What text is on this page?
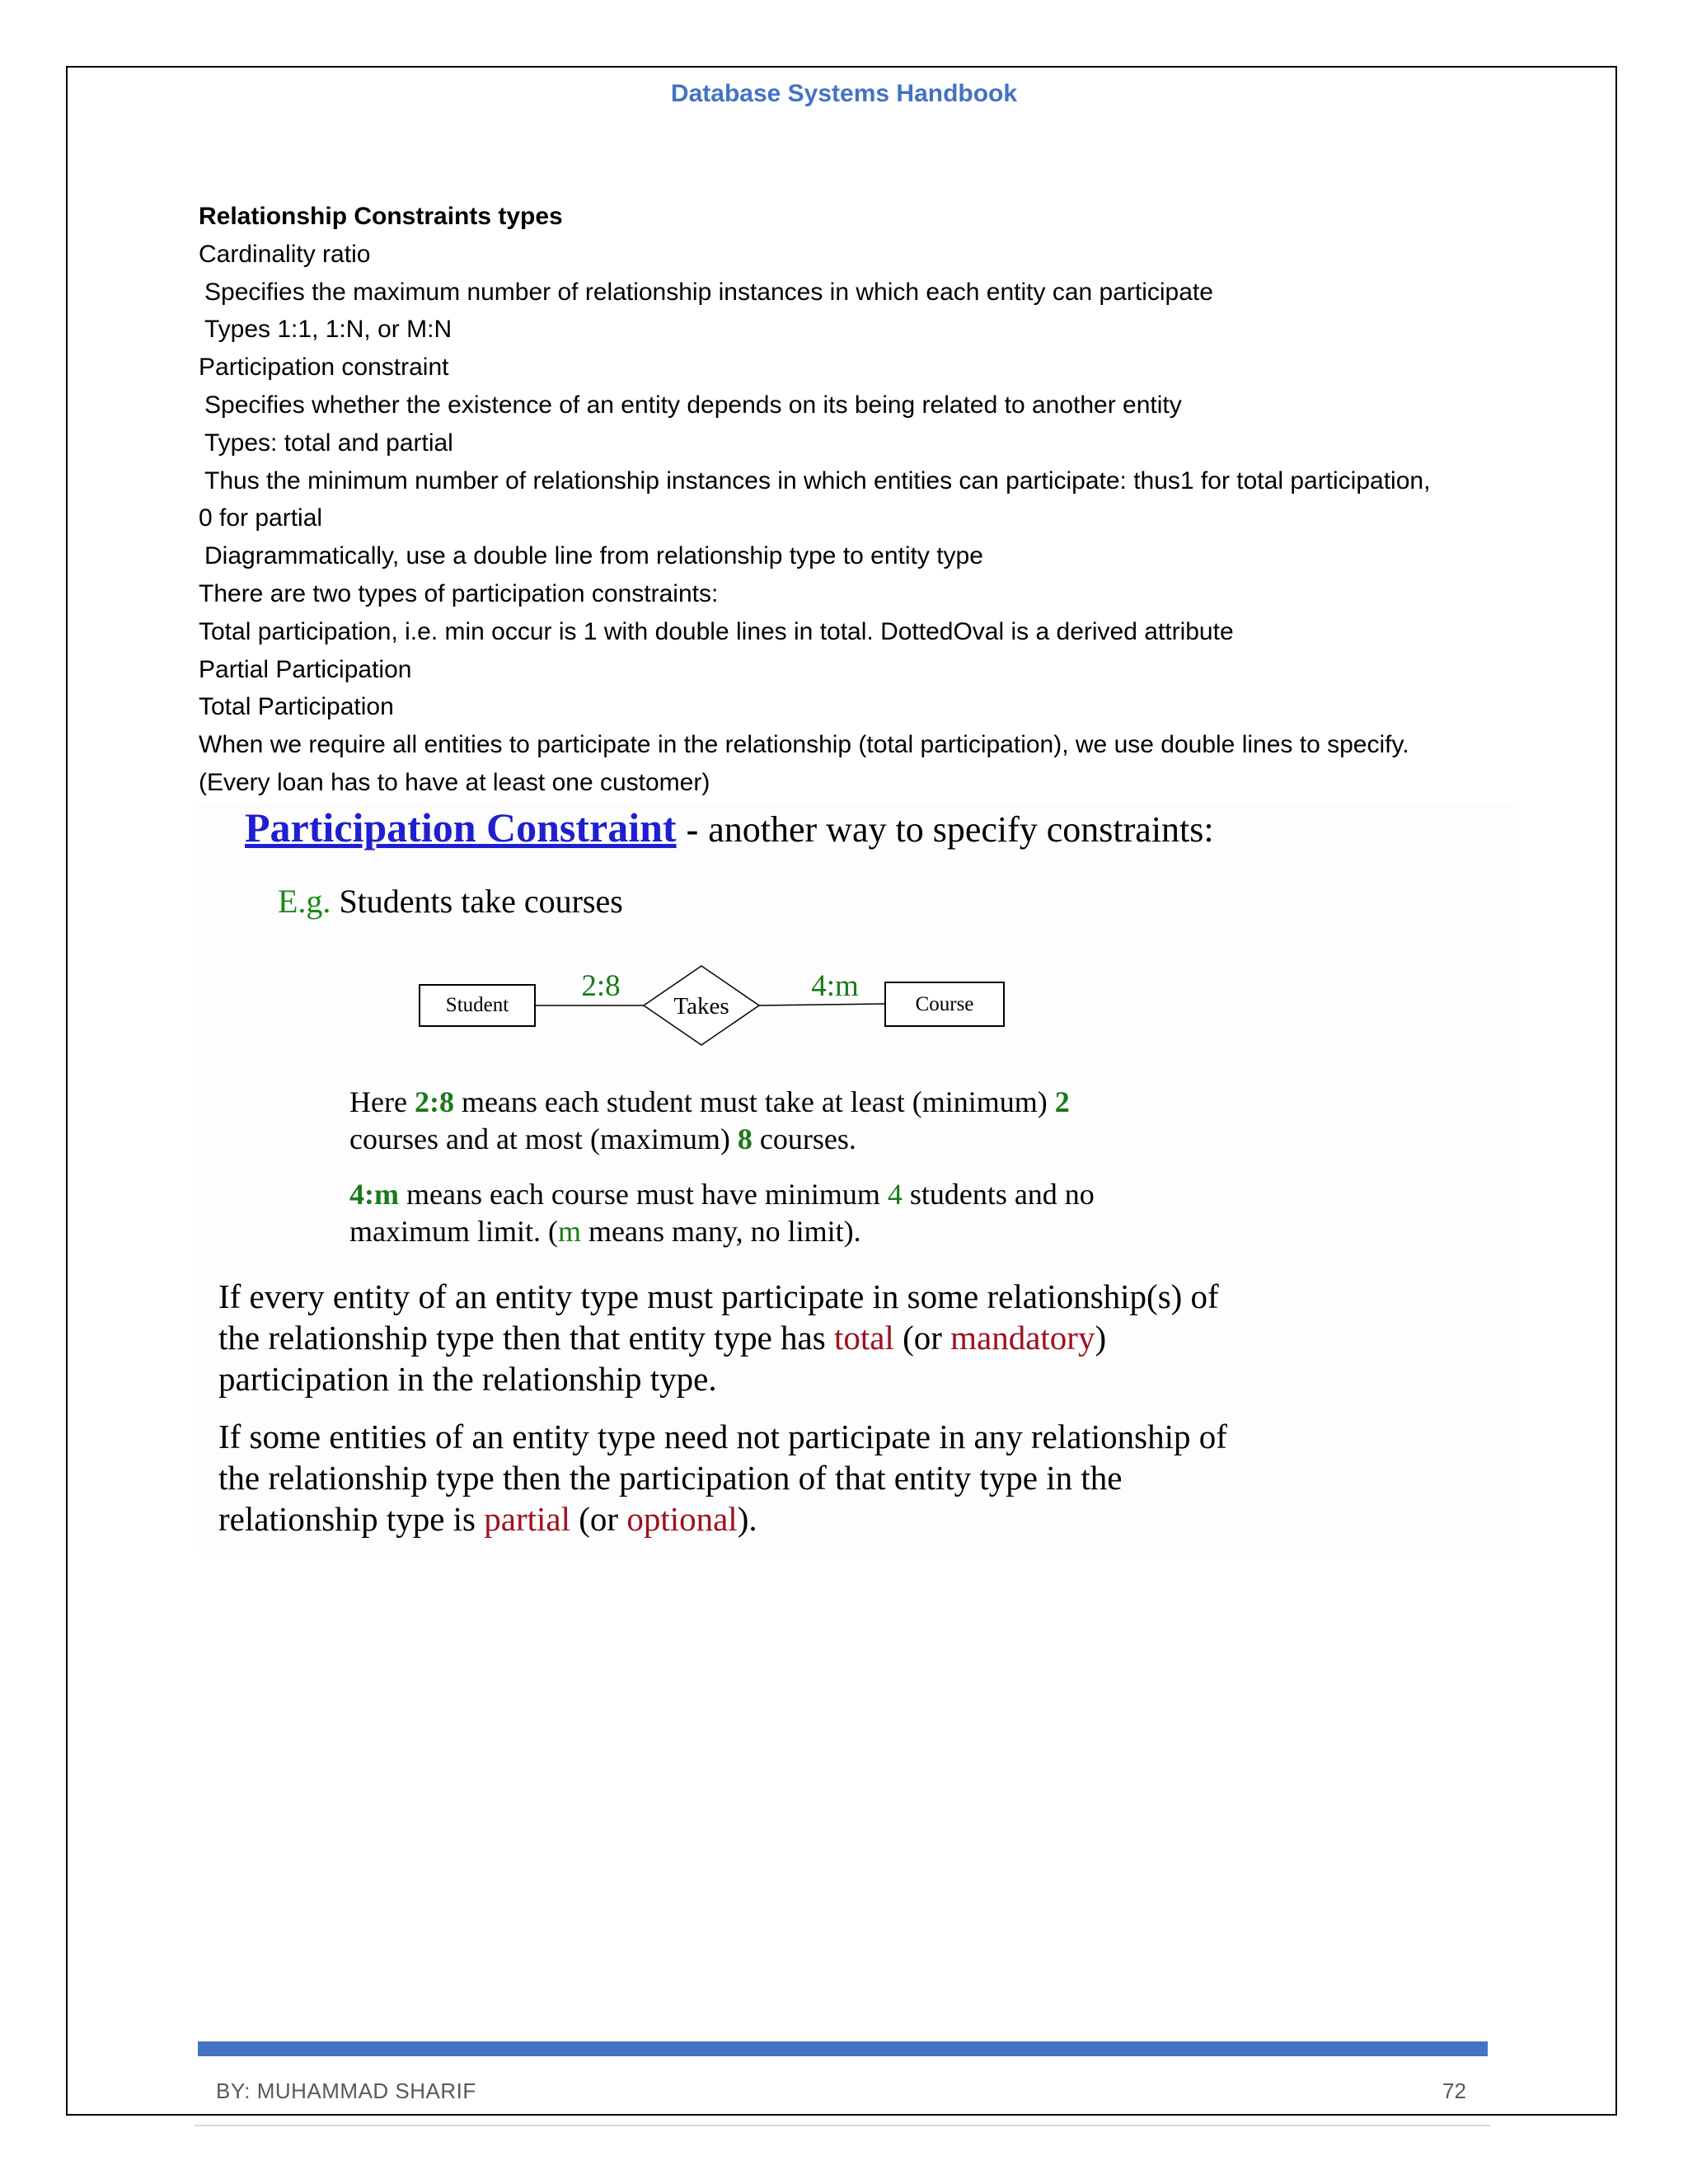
Database Systems Handbook
Relationship Constraints types
Cardinality ratio
Specifies the maximum number of relationship instances in which each entity can participate
Types 1:1, 1:N, or M:N
Participation constraint
Specifies whether the existence of an entity depends on its being related to another entity
Types: total and partial
Thus the minimum number of relationship instances in which entities can participate: thus1 for total participation,
0 for partial
Diagrammatically, use a double line from relationship type to entity type
There are two types of participation constraints:
Total participation, i.e. min occur is 1 with double lines in total. DottedOval is a derived attribute
Partial Participation
Total Participation
When we require all entities to participate in the relationship (total participation), we use double lines to specify.
(Every loan has to have at least one customer)
Participation Constraint - another way to specify constraints:
E.g. Students take courses
Student	Takes	Course
2:8	4:m
Here 2:8 means each student must take at least (minimum) 2
courses and at most (maximum) 8 courses.
4:m means each course must have minimum 4 students and no
maximum limit. (m means many, no limit).
If every entity of an entity type must participate in some relationship(s) of
the relationship type then that entity type has total (or mandatory)
participation in the relationship type.
If some entities of an entity type need not participate in any relationship of
the relationship type then the participation of that entity type in the
relationship type is partial (or optional).
BY: MUHAMMAD SHARIF	72
